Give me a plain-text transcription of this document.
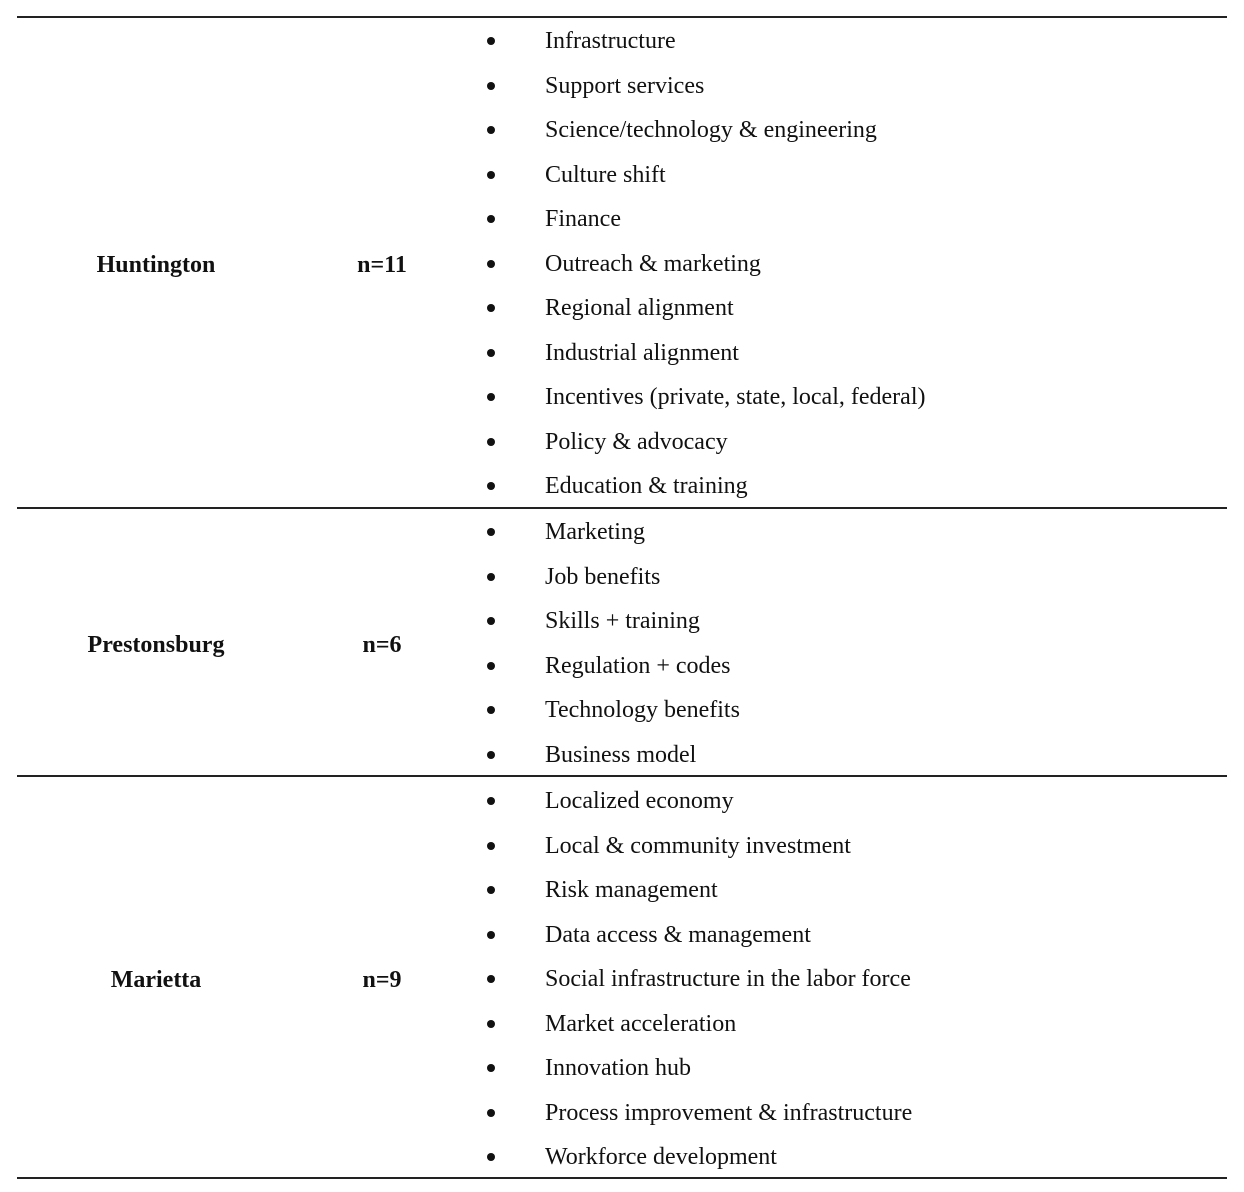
Huntington	n=11
Infrastructure
Support services
Science/technology & engineering
Culture shift
Finance
Outreach & marketing
Regional alignment
Industrial alignment
Incentives (private, state, local, federal)
Policy & advocacy
Education & training
Prestonsburg	n=6
Marketing
Job benefits
Skills + training
Regulation + codes
Technology benefits
Business model
Marietta	n=9
Localized economy
Local & community investment
Risk management
Data access & management
Social infrastructure in the labor force
Market acceleration
Innovation hub
Process improvement & infrastructure
Workforce development
